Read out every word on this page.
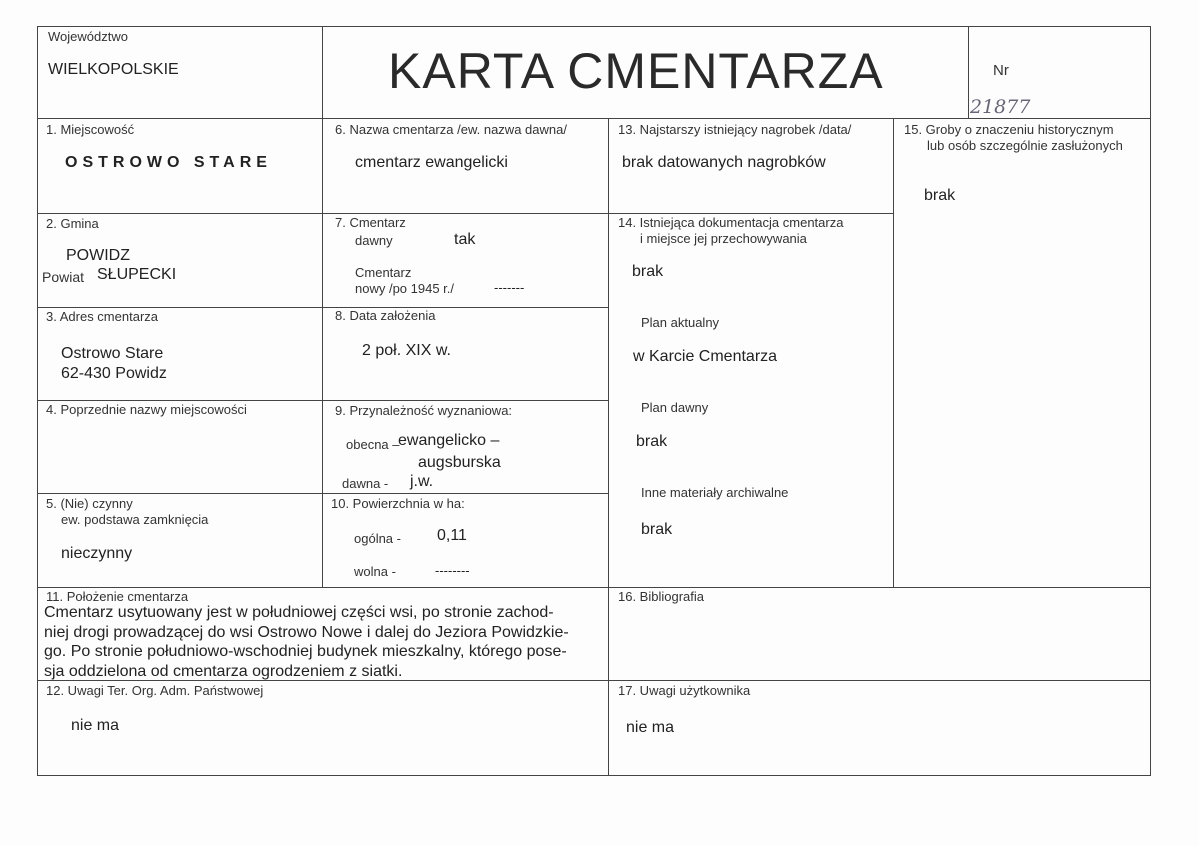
Województwo
WIELKOPOLSKIE	KARTA CMENTARZA	Nr
21877
1. Miejscowość
OSTROWO STARE
2. Gmina
POWIDZ
Powiat SŁUPECKI
3. Adres cmentarza
Ostrowo Stare
62-430 Powidz
4. Poprzednie nazwy miejscowości
5. (Nie) czynny
ew. podstawa zamknięcia
nieczynny
6. Nazwa cmentarza /ew. nazwa dawna/
cmentarz ewangelicki
7. Cmentarz
dawny	tak
Cmentarz
nowy /po 1945 r./	-------
8. Data założenia
2 poł. XIX w.
9. Przynależność wyznaniowa:
obecna –
ewangelicko –
augsburska
dawna - j.w.
10. Powierzchnia w ha:
ogólna - 0,11
wolna -	--------
13. Najstarszy istniejący nagrobek /data/
brak datowanych nagrobków
14. Istniejąca dokumentacja cmentarza
i miejsce jej przechowywania
brak
Plan aktualny
w Karcie Cmentarza
Plan dawny
brak
Inne materiały archiwalne
brak
15. Groby o znaczeniu historycznym
lub osób szczególnie zasłużonych
brak
11. Położenie cmentarza
Cmentarz usytuowany jest w południowej części wsi, po stronie zachod-
niej drogi prowadzącej do wsi Ostrowo Nowe i dalej do Jeziora Powidzkie-
go. Po stronie południowo-wschodniej budynek mieszkalny, którego pose-
sja oddzielona od cmentarza ogrodzeniem z siatki.
16. Bibliografia
12. Uwagi Ter. Org. Adm. Państwowej
nie ma
17. Uwagi użytkownika
nie ma
